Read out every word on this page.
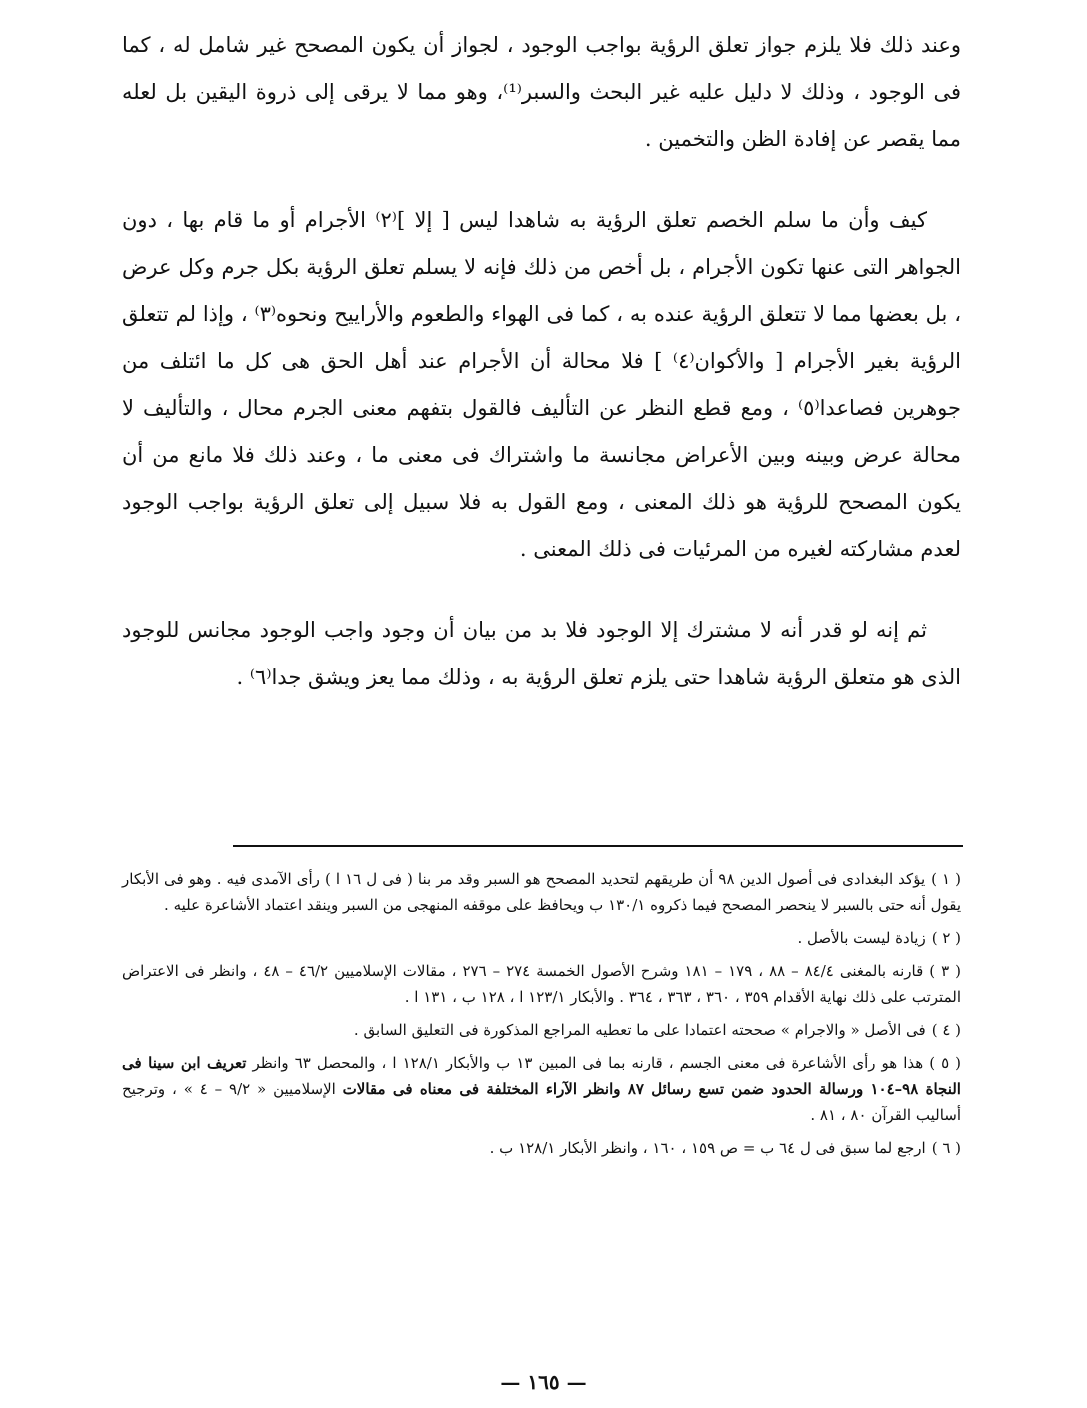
وعند ذلك فلا يلزم جواز تعلق الرؤية بواجب الوجود ، لجواز أن يكون المصحح غير شامل له ، كما فى الوجود ، وذلك لا دليل عليه غير البحث والسبر⁽¹⁾، وهو مما لا يرقى إلى ذروة اليقين بل لعله مما يقصر عن إفادة الظن والتخمين .

كيف وأن ما سلم الخصم تعلق الرؤية به شاهدا ليس [ إلا ]⁽٢⁾ الأجرام أو ما قام بها ، دون الجواهر التى عنها تكون الأجرام ، بل أخص من ذلك فإنه لا يسلم تعلق الرؤية بكل جرم وكل عرض ، بل بعضها مما لا تتعلق الرؤية عنده به ، كما فى الهواء والطعوم والأراييح ونحوه⁽٣⁾ ، وإذا لم تتعلق الرؤية بغير الأجرام [ والأكوان⁽٤⁾ ] فلا محالة أن الأجرام عند أهل الحق هى كل ما ائتلف من جوهرين فصاعدا⁽٥⁾ ، ومع قطع النظر عن التأليف فالقول بتفهم معنى الجرم محال ، والتأليف لا محالة عرض وبينه وبين الأعراض مجانسة ما واشتراك فى معنى ما ، وعند ذلك فلا مانع من أن يكون المصحح للرؤية هو ذلك المعنى ، ومع القول به فلا سبيل إلى تعلق الرؤية بواجب الوجود لعدم مشاركته لغيره من المرئيات فى ذلك المعنى .

ثم إنه لو قدر أنه لا مشترك إلا الوجود فلا بد من بيان أن وجود واجب الوجود مجانس للوجود الذى هو متعلق الرؤية شاهدا حتى يلزم تعلق الرؤية به ، وذلك مما يعز ويشق جدا⁽٦⁾ .

( ١ )يؤكد البغدادى فى أصول الدين ٩٨ أن طريقهم لتحديد المصحح هو السبر وقد مر بنا ( فى ل ١٦ ا ) رأى الآمدى فيه . وهو فى الأبكار يقول أنه حتى بالسبر لا ينحصر المصحح فيما ذكروه ١٣٠/١ ب ويحافظ على موقفه المنهجى من السبر وينقد اعتماد الأشاعرة عليه .

( ٢ )زيادة ليست بالأصل .

( ٣ )قارنه بالمغنى ٨٤/٤ – ٨٨ ، ١٧٩ – ١٨١ وشرح الأصول الخمسة ٢٧٤ – ٢٧٦ ، مقالات الإسلاميين ٤٦/٢ – ٤٨ ، وانظر فى الاعتراض المترتب على ذلك نهاية الأقدام ٣٥٩ ، ٣٦٠ ، ٣٦٣ ، ٣٦٤ . والأبكار ١٢٣/١ ا ، ١٢٨ ب ، ١٣١ ا .

( ٤ )فى الأصل « والاجرام » صححته اعتمادا على ما تعطيه المراجع المذكورة فى التعليق السابق .

( ٥ )هذا هو رأى الأشاعرة فى معنى الجسم ، قارنه بما فى المبين ١٣ ب والأبكار ١٢٨/١ ا ، والمحصل ٦٣ وانظر تعريف ابن سينا فى النجاة ٩٨–١٠٤ ورسالة الحدود ضمن تسع رسائل ٨٧ وانظر الآراء المختلفة فى معناه فى مقالات الإسلاميين « ٩/٢ – ٤ » ، وترجيح أساليب القرآن ٨٠ ، ٨١ .

( ٦ )ارجع لما سبق فى ل ٦٤ ب = ص ١٥٩ ، ١٦٠ ، وانظر الأبكار ١٢٨/١ ب .

— ١٦٥ —
